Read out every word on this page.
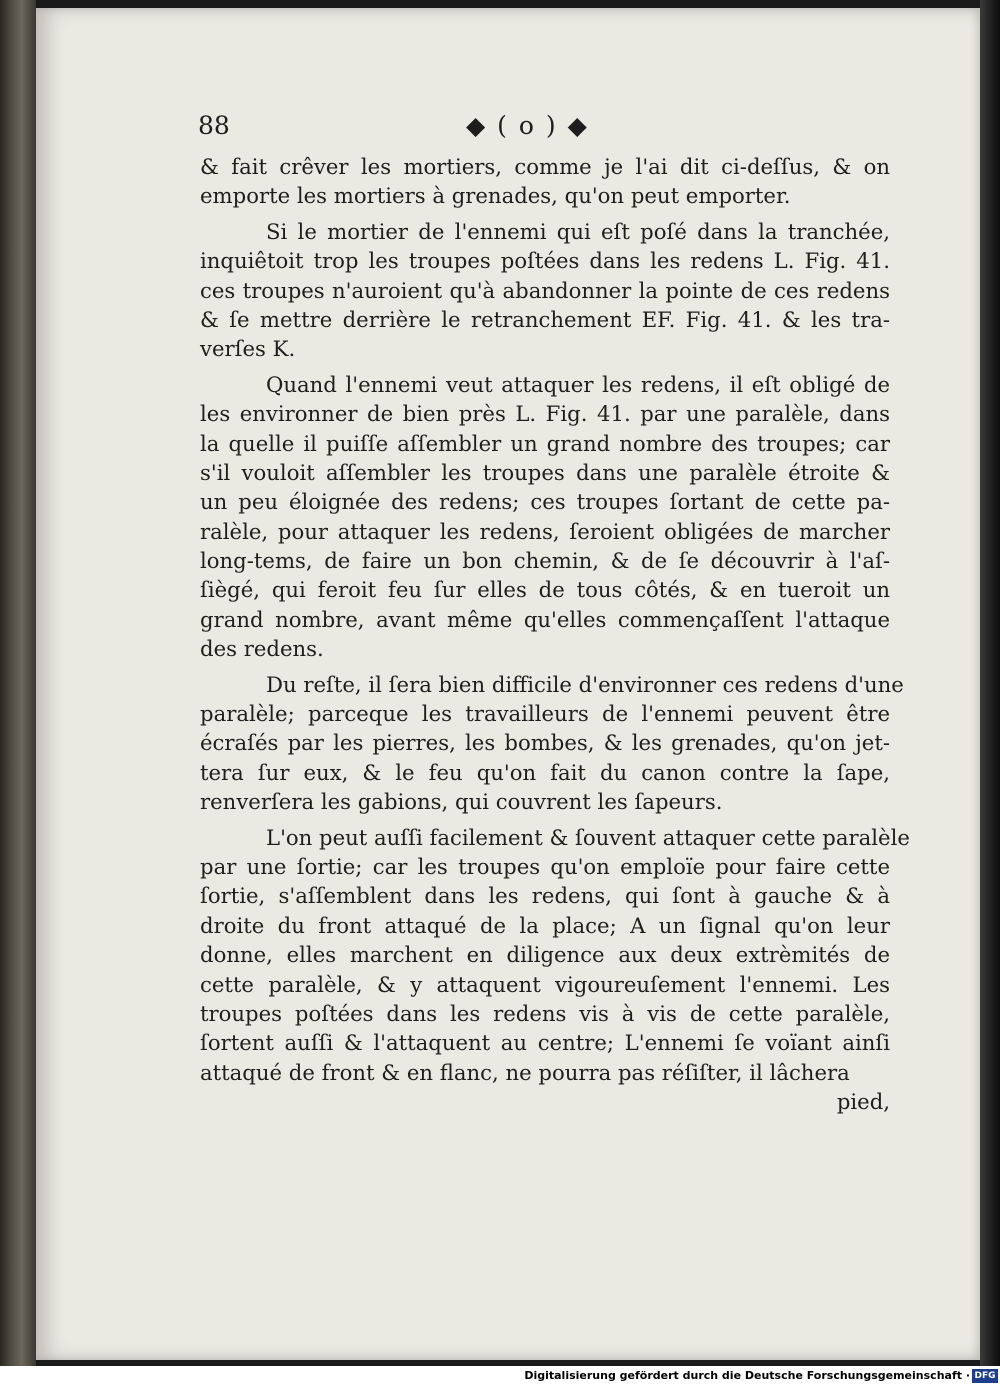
88	◆ ( o ) ◆
& fait crêver les mortiers, comme je l'ai dit ci-deſſus, & on
emporte les mortiers à grenades, qu'on peut emporter.
Si le mortier de l'ennemi qui eſt poſé dans la tranchée,
inquiêtoit trop les troupes poſtées dans les redens L. Fig. 41.
ces troupes n'auroient qu'à abandonner la pointe de ces redens
& ſe mettre derrière le retranchement EF. Fig. 41. & les tra-
verſes K.
Quand l'ennemi veut attaquer les redens, il eſt obligé de
les environner de bien près L. Fig. 41. par une paralèle, dans
la quelle il puiſſe aſſembler un grand nombre des troupes; car
s'il vouloit aſſembler les troupes dans une paralèle étroite &
un peu éloignée des redens; ces troupes ſortant de cette pa-
ralèle, pour attaquer les redens, ſeroient obligées de marcher
long-tems, de faire un bon chemin, & de ſe découvrir à l'aſ-
ſiègé, qui feroit feu ſur elles de tous côtés, & en tueroit un
grand nombre, avant même qu'elles commençaſſent l'attaque
des redens.
Du reſte, il ſera bien difficile d'environner ces redens d'une
paralèle; parceque les travailleurs de l'ennemi peuvent être
écraſés par les pierres, les bombes, & les grenades, qu'on jet-
tera ſur eux, & le feu qu'on fait du canon contre la ſape,
renverſera les gabions, qui couvrent les ſapeurs.
L'on peut auſſi facilement & ſouvent attaquer cette paralèle
par une ſortie; car les troupes qu'on emploïe pour faire cette
ſortie, s'aſſemblent dans les redens, qui ſont à gauche & à
droite du front attaqué de la place; A un ſignal qu'on leur
donne, elles marchent en diligence aux deux extrèmités de
cette paralèle, & y attaquent vigoureuſement l'ennemi. Les
troupes poſtées dans les redens vis à vis de cette paralèle,
ſortent auſſi & l'attaquent au centre; L'ennemi ſe voïant ainſi
attaqué de front & en flanc, ne pourra pas réſiſter, il lâchera
pied,
Digitalisierung gefördert durch die Deutsche Forschungsgemeinschaft · DFG
